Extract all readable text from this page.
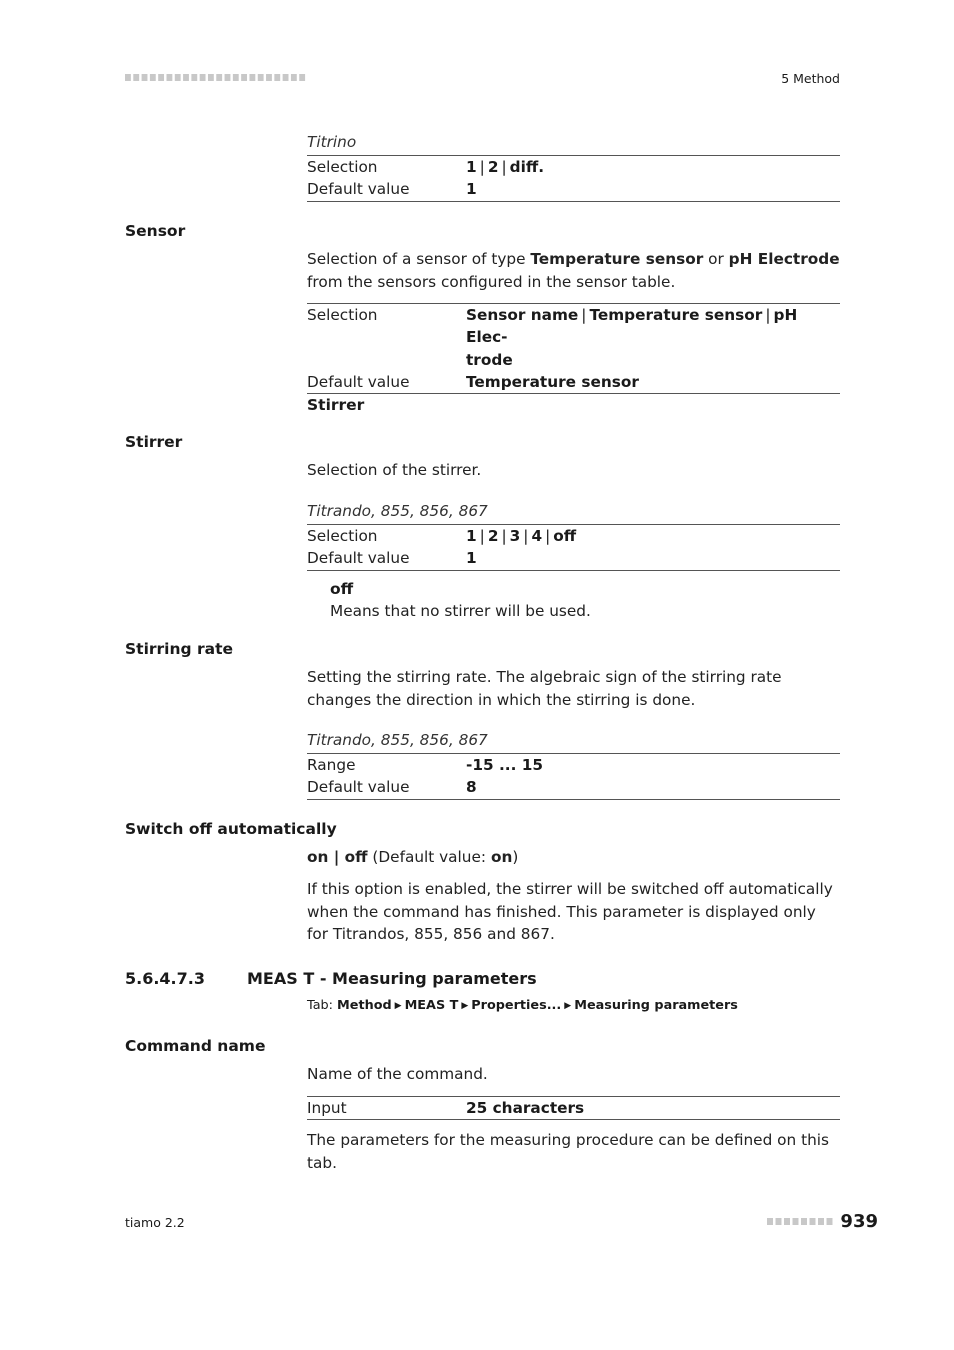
5 Method
Titrino
Selection	1 | 2 | diff.
Default value	1
Sensor
Selection of a sensor of type Temperature sensor or pH Electrode from the sensors configured in the sensor table.
Selection	Sensor name | Temperature sensor | pH Elec-
trode
Default value	Temperature sensor
Stirrer
Stirrer
Selection of the stirrer.
Titrando, 855, 856, 867
Selection	1 | 2 | 3 | 4 | off
Default value	1
off
Means that no stirrer will be used.
Stirring rate
Setting the stirring rate. The algebraic sign of the stirring rate changes the direction in which the stirring is done.
Titrando, 855, 856, 867
Range	-15 ... 15
Default value	8
Switch off automatically
on | off (Default value: on)
If this option is enabled, the stirrer will be switched off automatically when the command has finished. This parameter is displayed only for Titrandos, 855, 856 and 867.
5.6.4.7.3	MEAS T - Measuring parameters
Tab: Method ▶ MEAS T ▶ Properties... ▶ Measuring parameters
Command name
Name of the command.
Input	25 characters
The parameters for the measuring procedure can be defined on this tab.
tiamo 2.2	939
